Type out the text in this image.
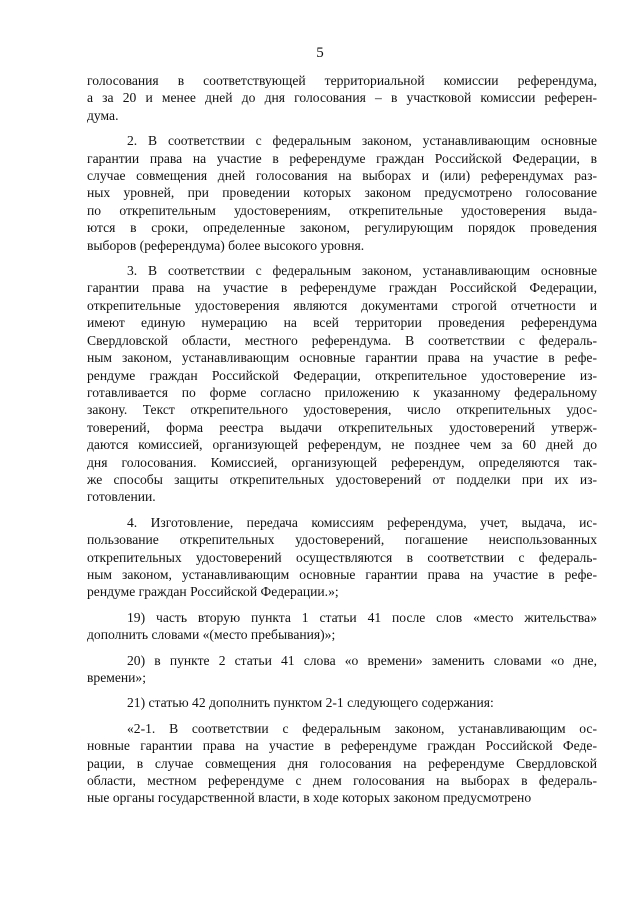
5
голосования в соответствующей территориальной комиссии референдума,
а за 20 и менее дней до дня голосования – в участковой комиссии референ-
дума.
2. В соответствии с федеральным законом, устанавливающим основные
гарантии права на участие в референдуме граждан Российской Федерации, в
случае совмещения дней голосования на выборах и (или) референдумах раз-
ных уровней, при проведении которых законом предусмотрено голосование
по открепительным удостоверениям, открепительные удостоверения выда-
ются в сроки, определенные законом, регулирующим порядок проведения
выборов (референдума) более высокого уровня.
3. В соответствии с федеральным законом, устанавливающим основные
гарантии права на участие в референдуме граждан Российской Федерации,
открепительные удостоверения являются документами строгой отчетности и
имеют единую нумерацию на всей территории проведения референдума
Свердловской области, местного референдума. В соответствии с федераль-
ным законом, устанавливающим основные гарантии права на участие в рефе-
рендуме граждан Российской Федерации, открепительное удостоверение из-
готавливается по форме согласно приложению к указанному федеральному
закону. Текст открепительного удостоверения, число открепительных удос-
товерений, форма реестра выдачи открепительных удостоверений утверж-
даются комиссией, организующей референдум, не позднее чем за 60 дней до
дня голосования. Комиссией, организующей референдум, определяются так-
же способы защиты открепительных удостоверений от подделки при их из-
готовлении.
4. Изготовление, передача комиссиям референдума, учет, выдача, ис-
пользование открепительных удостоверений, погашение неиспользованных
открепительных удостоверений осуществляются в соответствии с федераль-
ным законом, устанавливающим основные гарантии права на участие в рефе-
рендуме граждан Российской Федерации.»;
19) часть вторую пункта 1 статьи 41 после слов «место жительства»
дополнить словами «(место пребывания)»;
20) в пункте 2 статьи 41 слова «о времени» заменить словами «о дне,
времени»;
21) статью 42 дополнить пунктом 2-1 следующего содержания:
«2-1. В соответствии с федеральным законом, устанавливающим ос-
новные гарантии права на участие в референдуме граждан Российской Феде-
рации, в случае совмещения дня голосования на референдуме Свердловской
области, местном референдуме с днем голосования на выборах в федераль-
ные органы государственной власти, в ходе которых законом предусмотрено
